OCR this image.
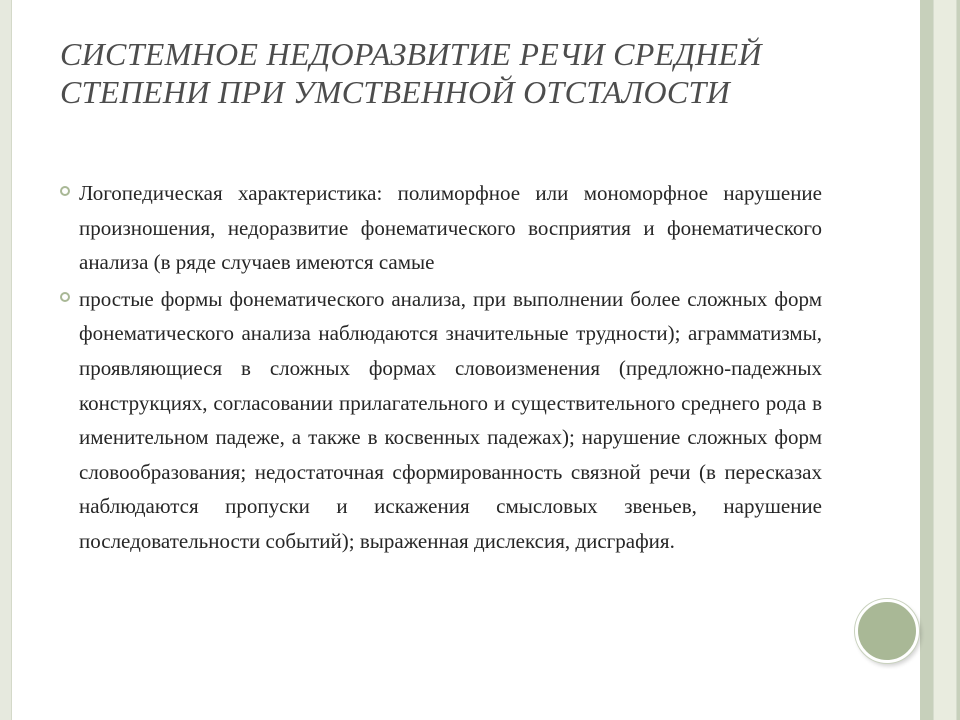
СИСТЕМНОЕ НЕДОРАЗВИТИЕ РЕЧИ СРЕДНЕЙ СТЕПЕНИ ПРИ УМСТВЕННОЙ ОТСТАЛОСТИ

Логопедическая характеристика: полиморфное или мономорфное нарушение произношения, недоразвитие фонематического восприятия и фонематического анализа (в ряде случаев имеются самые

простые формы фонематического анализа, при выполнении более сложных форм фонематического анализа наблюдаются значительные трудности); аграмматизмы, проявляющиеся в сложных формах словоизменения (предложно-падежных конструкциях, согласовании прилагательного и существительного среднего рода в именительном падеже, а также в косвенных падежах); нарушение сложных форм словообразования; недостаточная сформированность связной речи (в пересказах наблюдаются пропуски и искажения смысловых звеньев, нарушение последовательности событий); выраженная дислексия, дисграфия.
